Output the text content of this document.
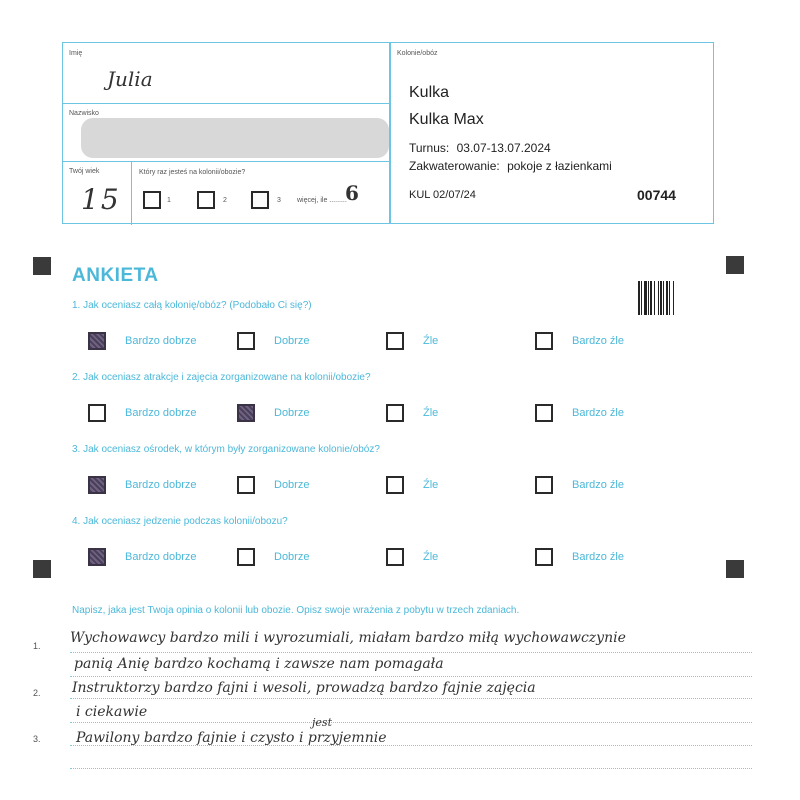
Imię
Julia
Nazwisko
Twój wiek
15
Który raz jesteś na kolonii/obozie?
1	2	3 więcej, ile .........
6
Kolonie/obóz
Kulka
Kulka Max
Turnus: 03.07-13.07.2024
Zakwaterowanie: pokoje z łazienkami
KUL 02/07/24	00744
ANKIETA
1. Jak oceniasz całą kolonię/obóz? (Podobało Ci się?)
Bardzo dobrze	Dobrze	Źle	Bardzo źle
2. Jak oceniasz atrakcje i zajęcia zorganizowane na kolonii/obozie?
Bardzo dobrze	Dobrze	Źle	Bardzo źle
3. Jak oceniasz ośrodek, w którym były zorganizowane kolonie/obóz?
Bardzo dobrze	Dobrze	Źle	Bardzo źle
4. Jak oceniasz jedzenie podczas kolonii/obozu?
Bardzo dobrze	Dobrze	Źle	Bardzo źle
Napisz, jaka jest Twoja opinia o kolonii lub obozie. Opisz swoje wrażenia z pobytu w trzech zdaniach.
1.
2.
3.
Wychowawcy bardzo mili i wyrozumiali, miałam bardzo miłą wychowawczynie
panią Anię bardzo kochamą i zawsze nam pomagała
Instruktorzy bardzo fajni i wesoli, prowadzą bardzo fajnie zajęcia
i ciekawie
jest
Pawilony bardzo fajnie i czysto i przyjemnie
